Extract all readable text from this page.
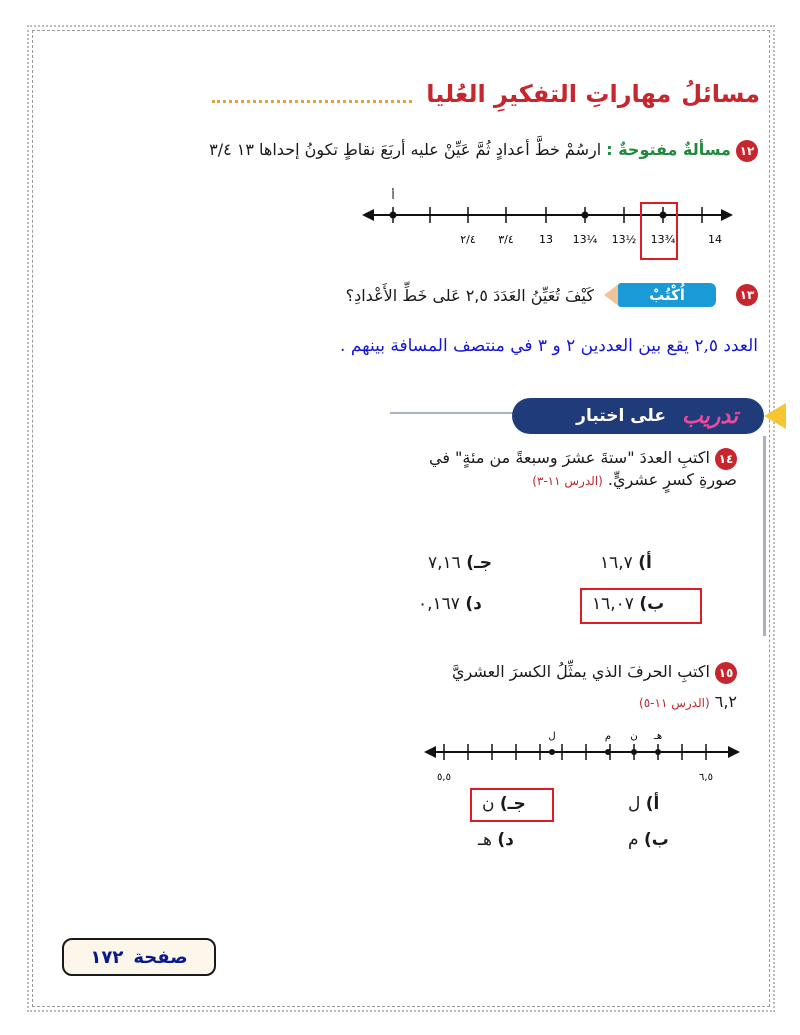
مسائلُ
مهاراتِ التفكيرِ العُليا
١٢ مسألةٌ مفتوحةٌ : ارسُمْ خطَّ أعدادٍ ثُمَّ عَيِّنْ عليه أربَعَ نقاطٍ تكونُ إحداها ١٣ ٣/٤
أ
٢/٤ ٣/٤ 13 13¼ 13½ 13¾	14
١٣
اُكْتُبْ
كَيْفَ تُعَيِّنُ العَدَدَ ٢,٥ عَلى خَطِّ الأَعْدادِ؟
العدد ٢,٥ يقع بين العددين ٢ و ٣ في منتصف المسافة بينهم .
تدريب
على اختبار
١٤ اكتبِ العددَ "ستةَ عشرَ وسبعةً من مئةٍ" في صورةِ كسرٍ عشريٍّ. (الدرس ١١-٣)
أ) ١٦,٧
ب) ١٦,٠٧
جـ) ٧,١٦
د) ٠,١٦٧
١٥ اكتبِ الحرفَ الذي يمثِّلُ الكسرَ العشريَّ
٦,٢ (الدرس ١١-٥)
ل	م ن هـ
٥,٥	٦,٥
أ) ل
ب) م
جـ) ن
د) هـ
صفحة
١٧٢
